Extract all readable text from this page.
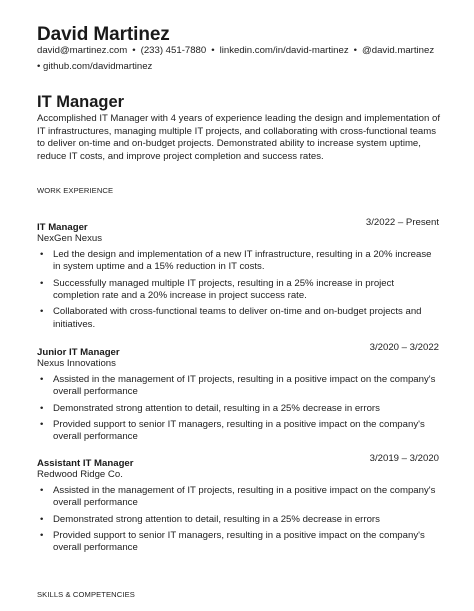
David Martinez
david@martinez.com • (233) 451-7880 • linkedin.com/in/david-martinez • @david.martinez
• github.com/davidmartinez
IT Manager
Accomplished IT Manager with 4 years of experience leading the design and implementation of IT infrastructures, managing multiple IT projects, and collaborating with cross-functional teams to deliver on-time and on-budget projects. Demonstrated ability to increase system uptime, reduce IT costs, and improve project completion and success rates.
WORK EXPERIENCE
IT Manager	3/2022 – Present
NexGen Nexus
• Led the design and implementation of a new IT infrastructure, resulting in a 20% increase in system uptime and a 15% reduction in IT costs.
• Successfully managed multiple IT projects, resulting in a 25% increase in project completion rate and a 20% increase in project success rate.
• Collaborated with cross-functional teams to deliver on-time and on-budget projects and initiatives.
Junior IT Manager	3/2020 – 3/2022
Nexus Innovations
• Assisted in the management of IT projects, resulting in a positive impact on the company's overall performance
• Demonstrated strong attention to detail, resulting in a 25% decrease in errors
• Provided support to senior IT managers, resulting in a positive impact on the company's overall performance
Assistant IT Manager	3/2019 – 3/2020
Redwood Ridge Co.
• Assisted in the management of IT projects, resulting in a positive impact on the company's overall performance
• Demonstrated strong attention to detail, resulting in a 25% decrease in errors
• Provided support to senior IT managers, resulting in a positive impact on the company's overall performance
SKILLS & COMPETENCIES
